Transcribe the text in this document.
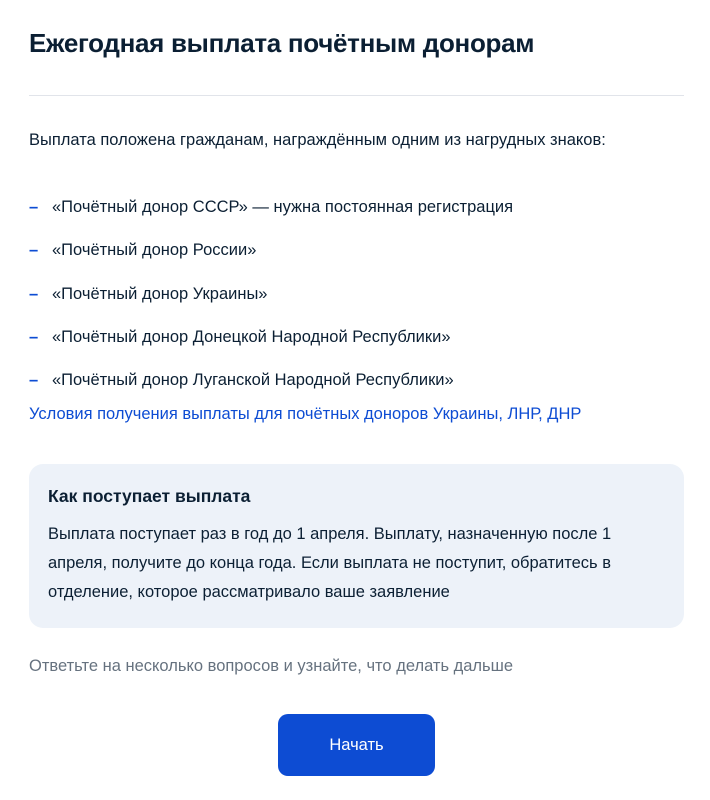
Ежегодная выплата почётным донорам
Выплата положена гражданам, награждённым одним из нагрудных знаков:
– «Почётный донор СССР» — нужна постоянная регистрация
– «Почётный донор России»
– «Почётный донор Украины»
– «Почётный донор Донецкой Народной Республики»
– «Почётный донор Луганской Народной Республики»
Условия получения выплаты для почётных доноров Украины, ЛНР, ДНР
Как поступает выплата

Выплата поступает раз в год до 1 апреля. Выплату, назначенную после 1 апреля, получите до конца года. Если выплата не поступит, обратитесь в отделение, которое рассматривало ваше заявление

Ответьте на несколько вопросов и узнайте, что делать дальше
Начать
